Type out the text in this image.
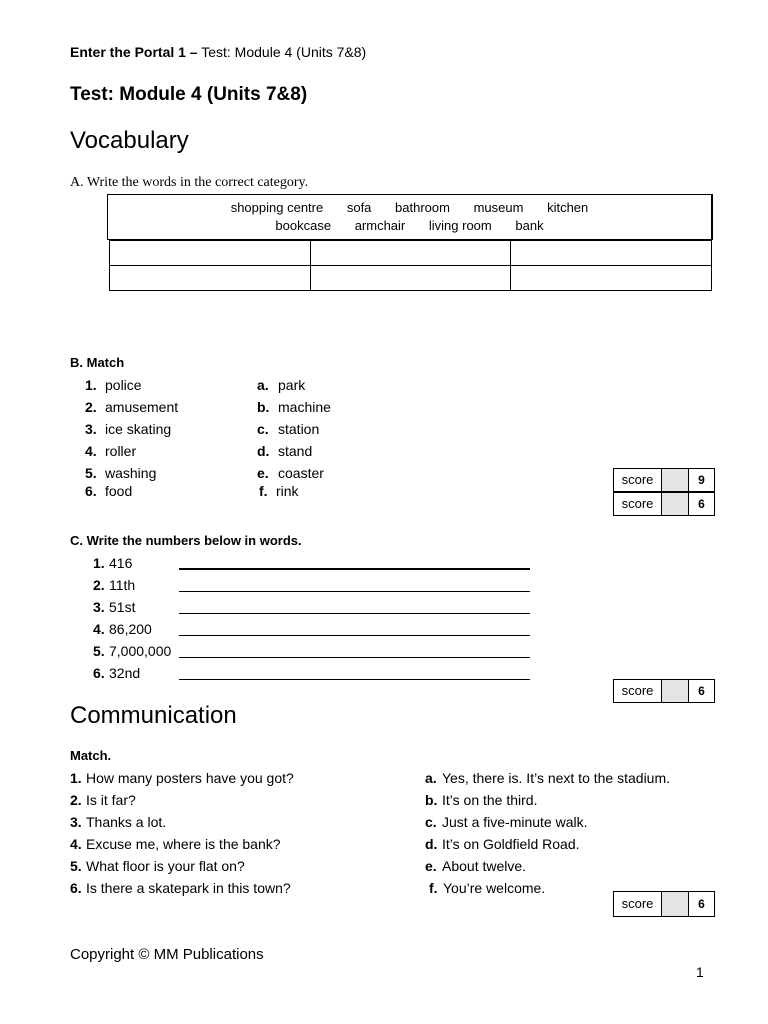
Enter the Portal 1 – Test: Module 4 (Units 7&8)
Test: Module 4 (Units 7&8)
Vocabulary
A. Write the words in the correct category.
shopping centre sofa bathroom museum kitchen
bookcase armchair living room bank

B. Match
1. police
2. amusement
3. ice skating
4. roller
5. washing
6. food
a. park
b. machine
c. station
d. stand
e. coaster
f. rink
score	9
score	6
C. Write the numbers below in words.
1. 416
2. 11th
3. 51st
4. 86,200
5. 7,000,000
6. 32nd
score	6
Communication
Match.
1. How many posters have you got?
2. Is it far?
3. Thanks a lot.
4. Excuse me, where is the bank?
5. What floor is your flat on?
6. Is there a skatepark in this town?
a. Yes, there is. It’s next to the stadium.
b. It’s on the third.
c. Just a five-minute walk.
d. It’s on Goldfield Road.
e. About twelve.
f. You’re welcome.
score	6
Copyright © MM Publications
1
